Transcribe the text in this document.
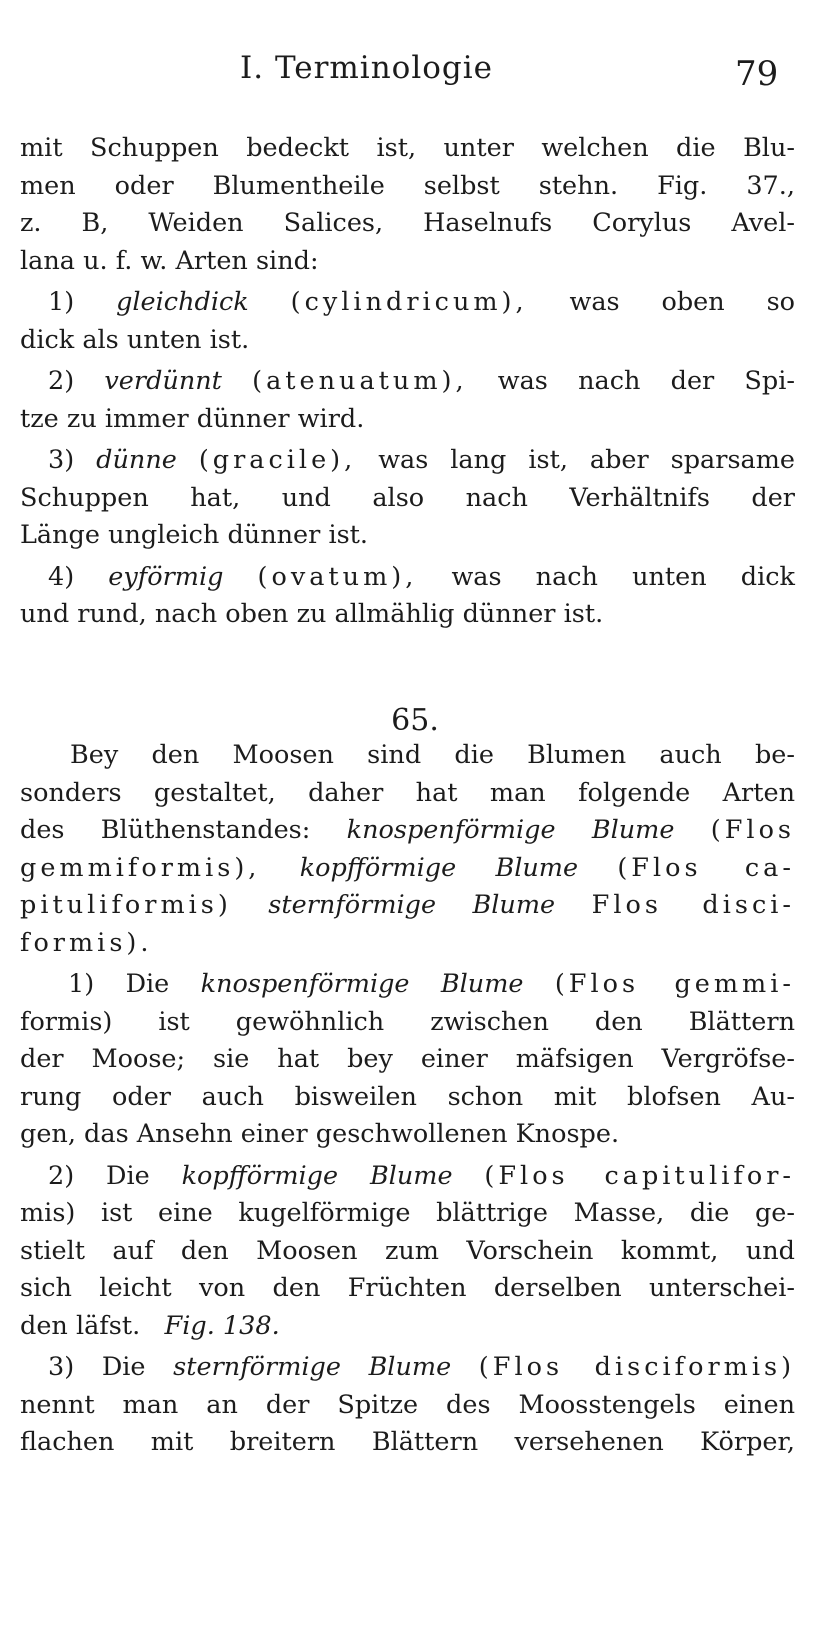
I. Terminologie	79
mit Schuppen bedeckt ist, unter welchen die Blu-
men oder Blumentheile selbst stehn. Fig. 37.,
z. B, Weiden Salices, Haselnufs Corylus Avel-
lana u. f. w. Arten sind:
1) gleichdick (cylindricum), was oben so
dick als unten ist.
2) verdünnt (atenuatum), was nach der Spi-
tze zu immer dünner wird.
3) dünne (gracile), was lang ist, aber sparsame
Schuppen hat, und also nach Verhältnifs der
Länge ungleich dünner ist.
4) eyförmig (ovatum), was nach unten dick
und rund, nach oben zu allmählig dünner ist.
65.
Bey den Moosen sind die Blumen auch be-
sonders gestaltet, daher hat man folgende Arten
des Blüthenstandes: knospenförmige Blume (Flos
gemmiformis), kopfförmige Blume (Flos ca-
pituliformis) sternförmige Blume Flos disci-
formis).
1) Die knospenförmige Blume (Flos gemmi-
formis) ist gewöhnlich zwischen den Blättern
der Moose; sie hat bey einer mäfsigen Vergröfse-
rung oder auch bisweilen schon mit blofsen Au-
gen, das Ansehn einer geschwollenen Knospe.
2) Die kopfförmige Blume (Flos capitulifor-
mis) ist eine kugelförmige blättrige Masse, die ge-
stielt auf den Moosen zum Vorschein kommt, und
sich leicht von den Früchten derselben unterschei-
den läfst. Fig. 138.
3) Die sternförmige Blume (Flos disciformis)
nennt man an der Spitze des Moosstengels einen
flachen mit breitern Blättern versehenen Körper,
